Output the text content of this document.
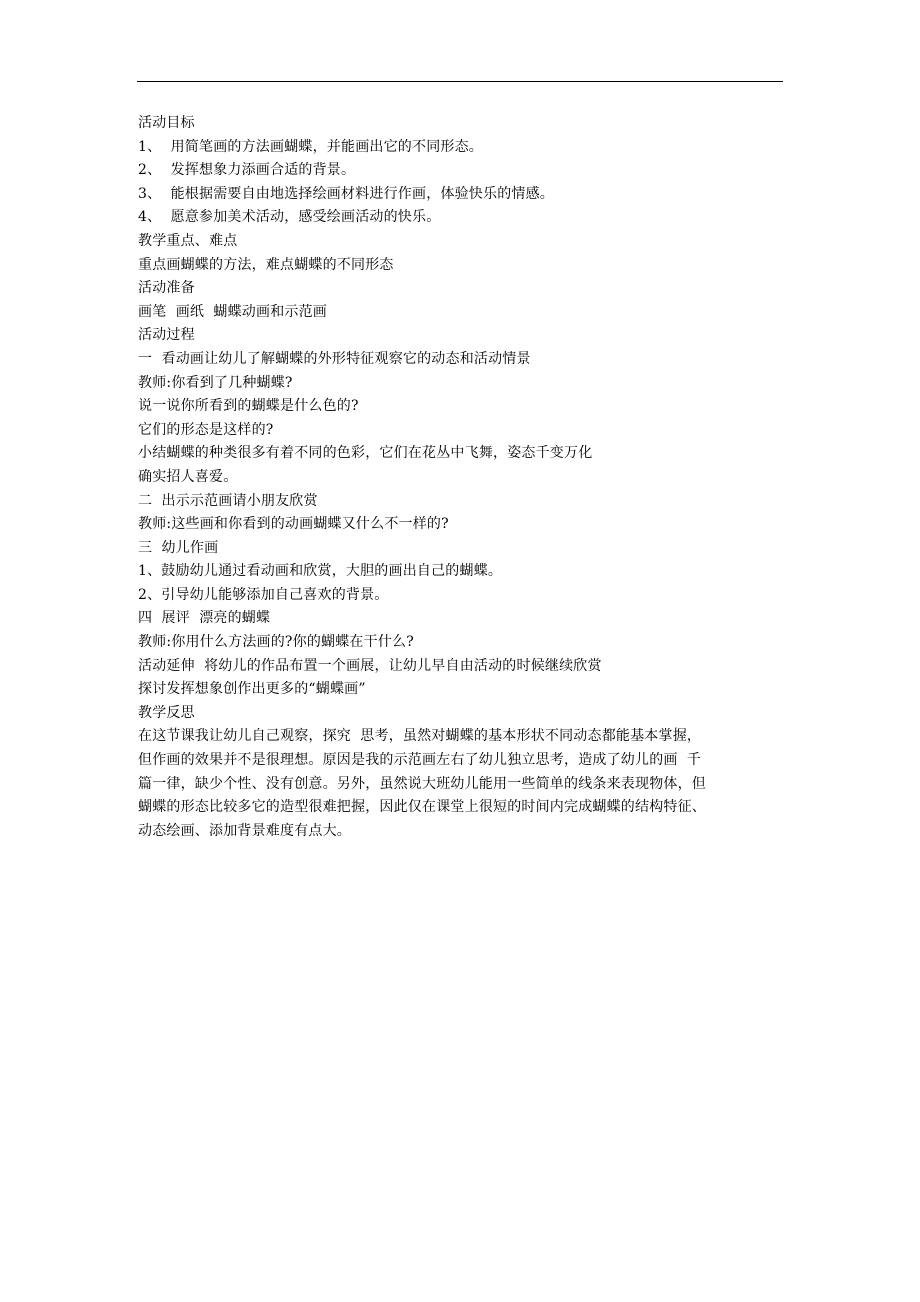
活动目标
1、  用简笔画的方法画蝴蝶，并能画出它的不同形态。
2、  发挥想象力添画合适的背景。
3、  能根据需要自由地选择绘画材料进行作画，体验快乐的情感。
4、  愿意参加美术活动，感受绘画活动的快乐。
教学重点、难点
重点画蝴蝶的方法，难点蝴蝶的不同形态
活动准备
画笔  画纸  蝴蝶动画和示范画
活动过程
一  看动画让幼儿了解蝴蝶的外形特征观察它的动态和活动情景
教师:你看到了几种蝴蝶?
说一说你所看到的蝴蝶是什么色的?
它们的形态是这样的?
小结蝴蝶的种类很多有着不同的色彩，它们在花丛中飞舞，姿态千变万化
确实招人喜爱。
二  出示示范画请小朋友欣赏
教师:这些画和你看到的动画蝴蝶又什么不一样的?
三  幼儿作画
1、鼓励幼儿通过看动画和欣赏，大胆的画出自己的蝴蝶。
2、引导幼儿能够添加自己喜欢的背景。
四  展评  漂亮的蝴蝶
教师:你用什么方法画的?你的蝴蝶在干什么?
活动延伸  将幼儿的作品布置一个画展，让幼儿早自由活动的时候继续欣赏
探讨发挥想象创作出更多的“蝴蝶画”
教学反思
在这节课我让幼儿自己观察，探究  思考，虽然对蝴蝶的基本形状不同动态都能基本掌握，
但作画的效果并不是很理想。原因是我的示范画左右了幼儿独立思考，造成了幼儿的画  千
篇一律，缺少个性、没有创意。另外，虽然说大班幼儿能用一些简单的线条来表现物体，但
蝴蝶的形态比较多它的造型很难把握，因此仅在课堂上很短的时间内完成蝴蝶的结构特征、
动态绘画、添加背景难度有点大。
